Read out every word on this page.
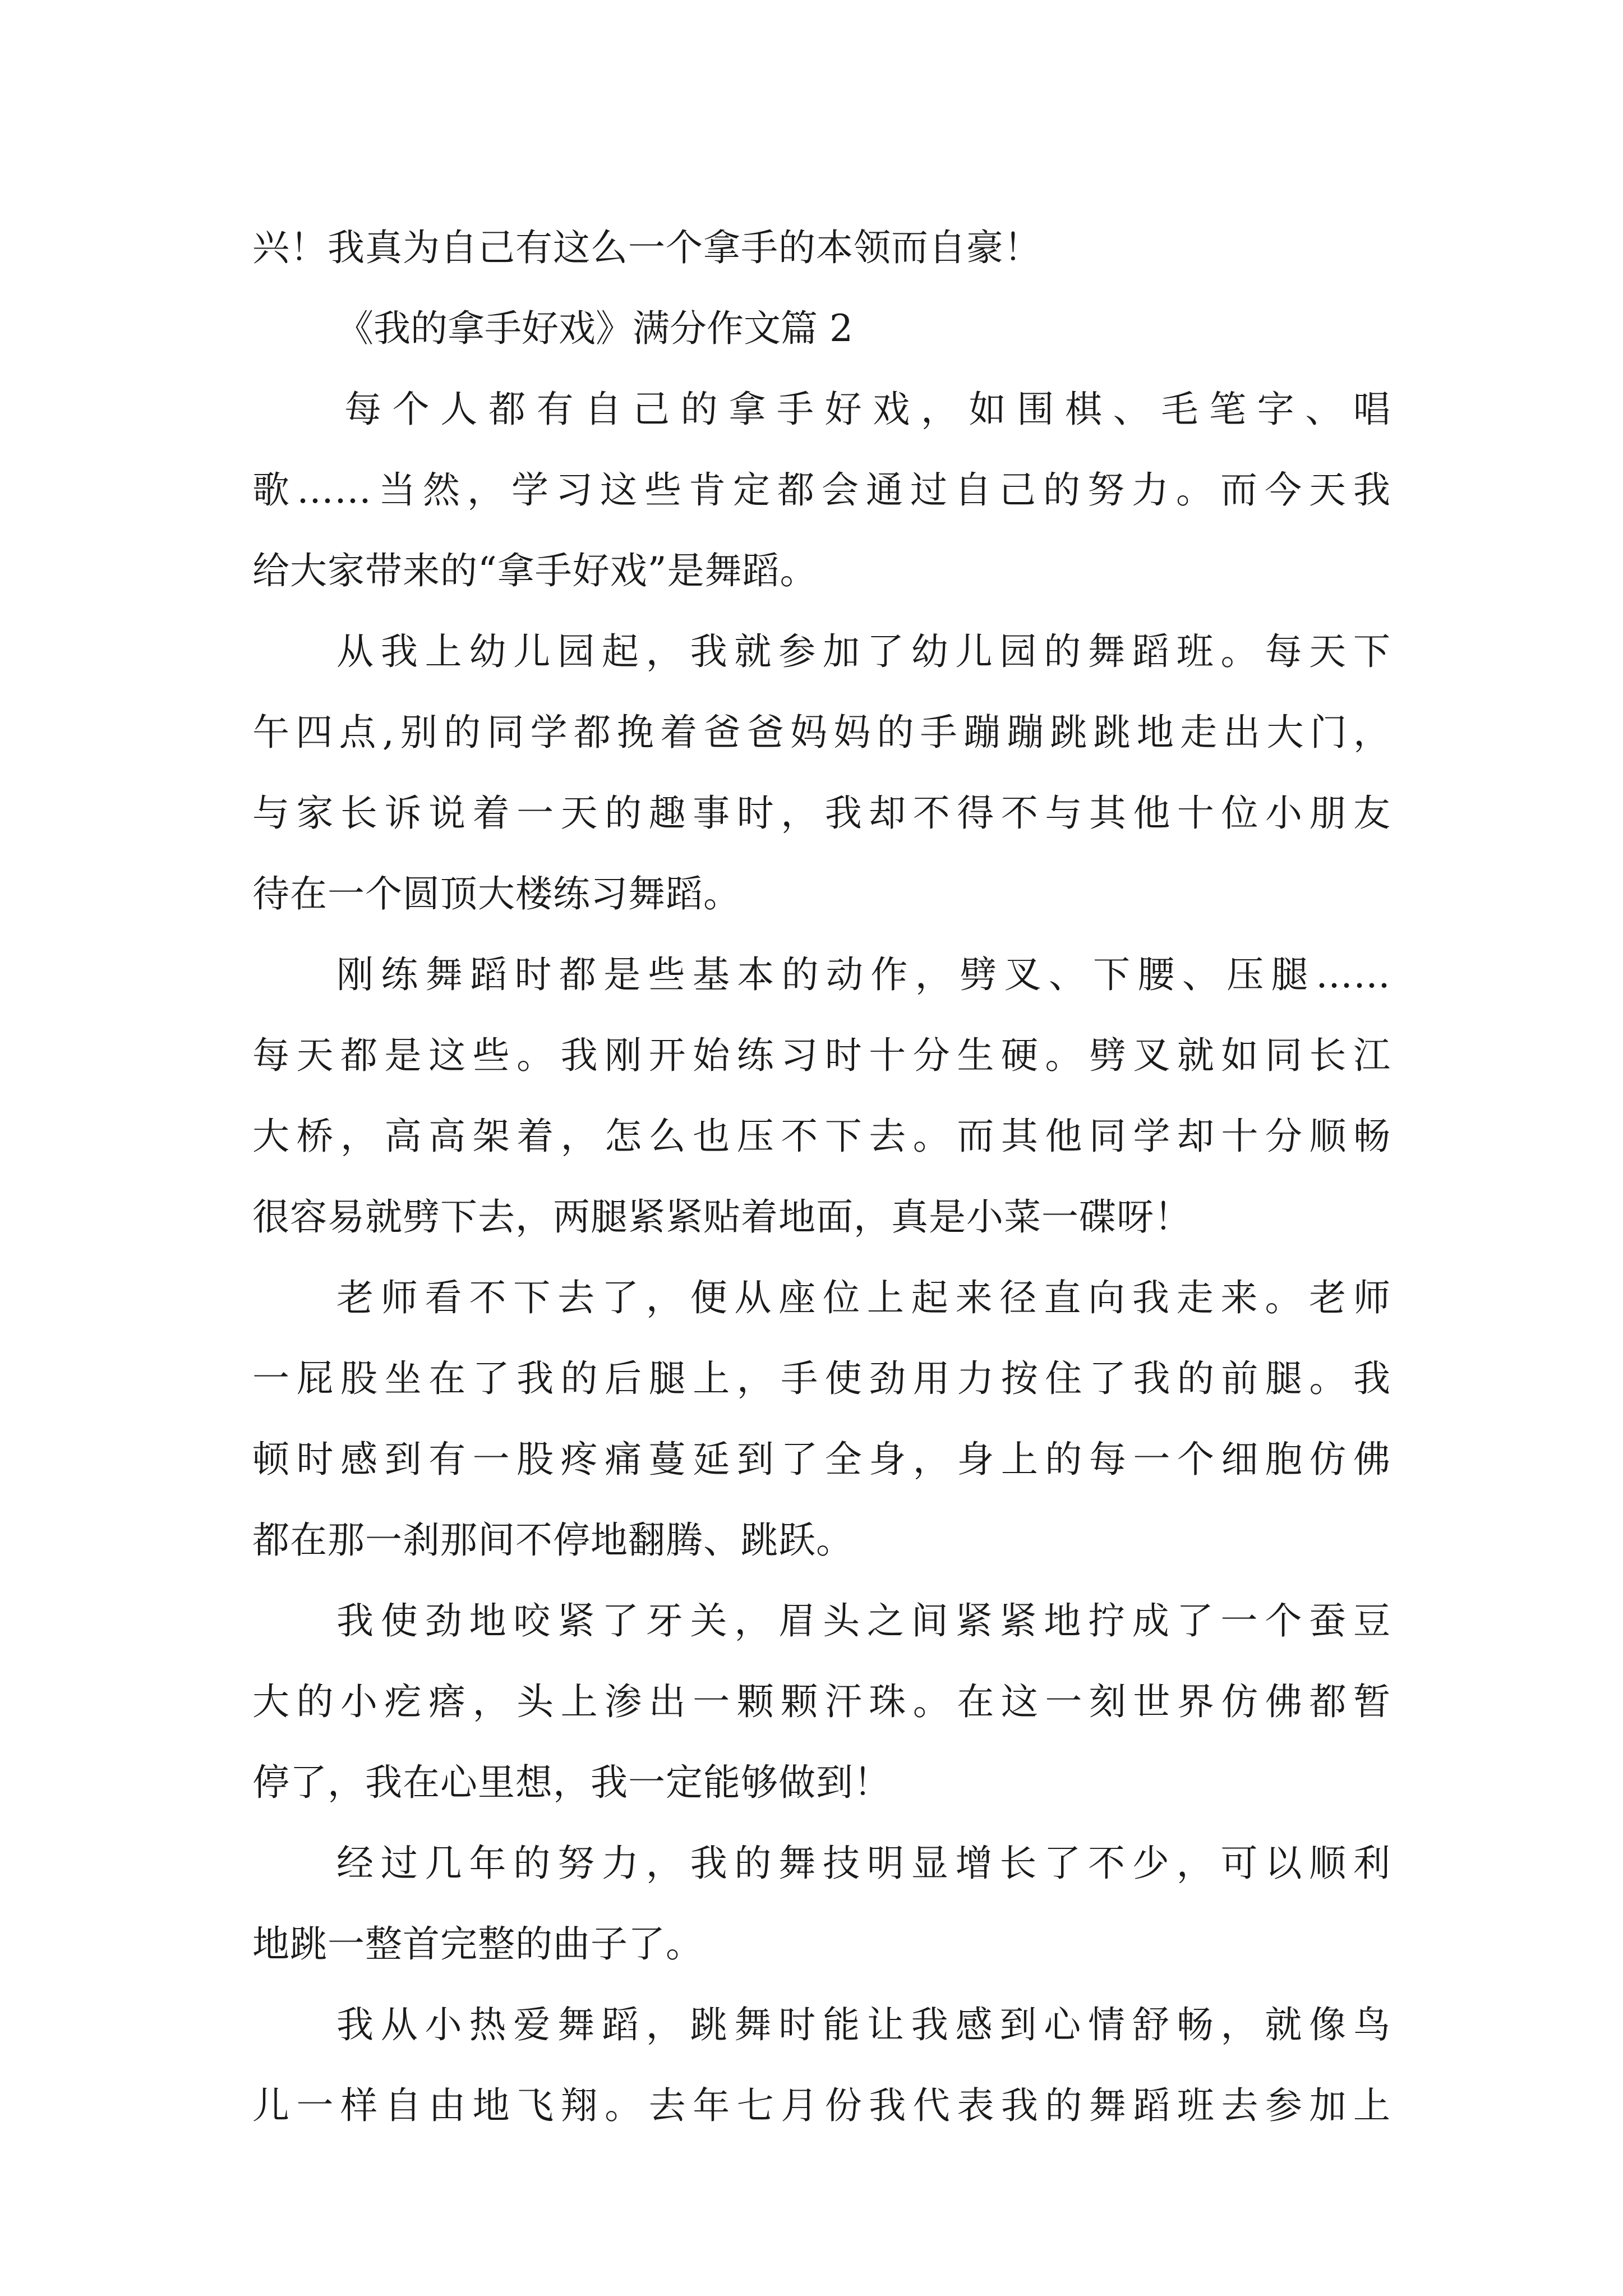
兴！我真为自己有这么一个拿手的本领而自豪！
《我的拿手好戏》满分作文篇 2
每个人都有自己的拿手好戏，如围棋、毛笔字、唱
歌……当然，学习这些肯定都会通过自己的努力。而今天我
给大家带来的“拿手好戏”是舞蹈。
从我上幼儿园起，我就参加了幼儿园的舞蹈班。每天下
午四点,别的同学都挽着爸爸妈妈的手蹦蹦跳跳地走出大门，
与家长诉说着一天的趣事时，我却不得不与其他十位小朋友
待在一个圆顶大楼练习舞蹈。
刚练舞蹈时都是些基本的动作，劈叉、下腰、压腿……
每天都是这些。我刚开始练习时十分生硬。劈叉就如同长江
大桥，高高架着，怎么也压不下去。而其他同学却十分顺畅
很容易就劈下去，两腿紧紧贴着地面，真是小菜一碟呀！
老师看不下去了，便从座位上起来径直向我走来。老师
一屁股坐在了我的后腿上，手使劲用力按住了我的前腿。我
顿时感到有一股疼痛蔓延到了全身，身上的每一个细胞仿佛
都在那一刹那间不停地翻腾、跳跃。
我使劲地咬紧了牙关，眉头之间紧紧地拧成了一个蚕豆
大的小疙瘩，头上渗出一颗颗汗珠。在这一刻世界仿佛都暂
停了，我在心里想，我一定能够做到！
经过几年的努力，我的舞技明显增长了不少，可以顺利
地跳一整首完整的曲子了。
我从小热爱舞蹈，跳舞时能让我感到心情舒畅，就像鸟
儿一样自由地飞翔。去年七月份我代表我的舞蹈班去参加上
